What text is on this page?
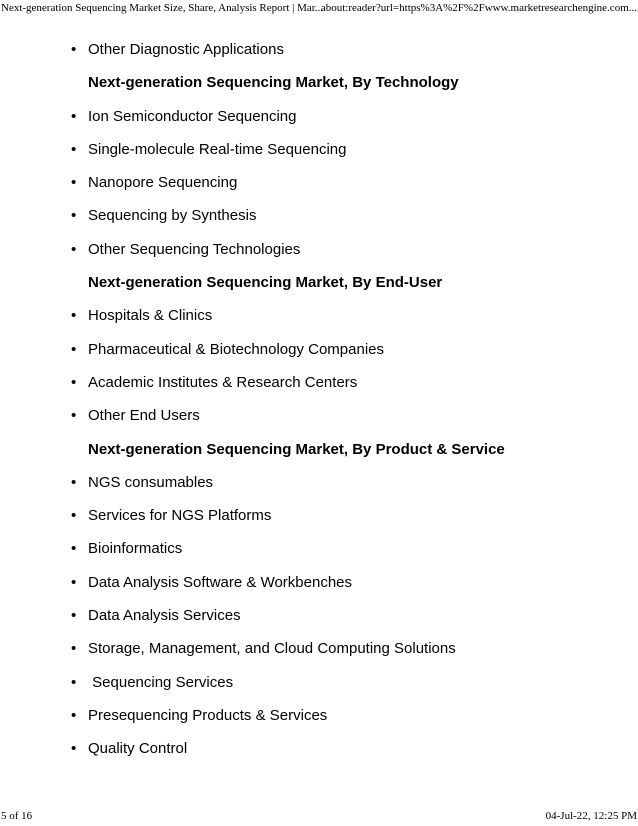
Next-generation Sequencing Market Size, Share, Analysis Report | Mar...
about:reader?url=https%3A%2F%2Fwww.marketresearchengine.com...
• Other Diagnostic Applications
Next-generation Sequencing Market, By Technology
• Ion Semiconductor Sequencing
• Single-molecule Real-time Sequencing
• Nanopore Sequencing
• Sequencing by Synthesis
• Other Sequencing Technologies
Next-generation Sequencing Market, By End-User
• Hospitals & Clinics
• Pharmaceutical & Biotechnology Companies
• Academic Institutes & Research Centers
• Other End Users
Next-generation Sequencing Market, By Product & Service
• NGS consumables
• Services for NGS Platforms
• Bioinformatics
• Data Analysis Software & Workbenches
• Data Analysis Services
• Storage, Management, and Cloud Computing Solutions
• Sequencing Services
• Presequencing Products & Services
• Quality Control
5 of 16	04-Jul-22, 12:25 PM
